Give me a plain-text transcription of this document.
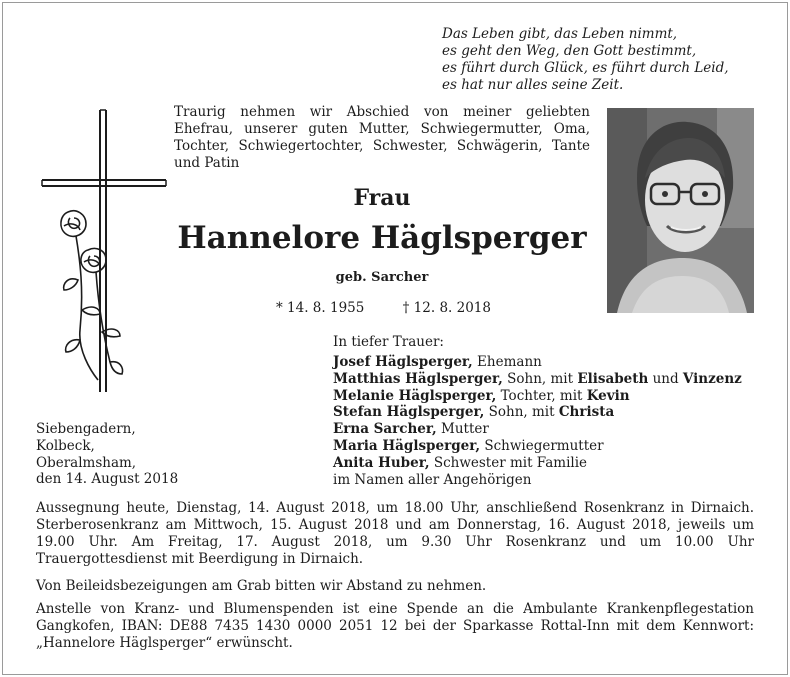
Das Leben gibt, das Leben nimmt,
es geht den Weg, den Gott bestimmt,
es führt durch Glück, es führt durch Leid,
es hat nur alles seine Zeit.
Traurig nehmen wir Abschied von meiner geliebten Ehefrau, unserer guten Mutter, Schwiegermutter, Oma, Tochter, Schwiegertochter, Schwester, Schwägerin, Tante und Patin
Frau
Hannelore Häglsperger
geb. Sarcher
* 14. 8. 1955	† 12. 8. 2018
In tiefer Trauer:
Josef Häglsperger, Ehemann
Matthias Häglsperger, Sohn, mit Elisabeth und Vinzenz
Melanie Häglsperger, Tochter, mit Kevin
Stefan Häglsperger, Sohn, mit Christa
Erna Sarcher, Mutter
Maria Häglsperger, Schwiegermutter
Anita Huber, Schwester mit Familie
im Namen aller Angehörigen
Siebengadern,
Kolbeck,
Oberalmsham,
den 14. August 2018
Aussegnung heute, Dienstag, 14. August 2018, um 18.00 Uhr, anschließend Rosenkranz in Dirnaich. Sterberosenkranz am Mittwoch, 15. August 2018 und am Donnerstag, 16. August 2018, jeweils um 19.00 Uhr. Am Freitag, 17. August 2018, um 9.30 Uhr Rosenkranz und um 10.00 Uhr Trauergottesdienst mit Beerdigung in Dirnaich.
Von Beileidsbezeigungen am Grab bitten wir Abstand zu nehmen.
Anstelle von Kranz- und Blumenspenden ist eine Spende an die Ambulante Krankenpflegestation Gangkofen, IBAN: DE88 7435 1430 0000 2051 12 bei der Sparkasse Rottal-Inn mit dem Kennwort: „Hannelore Häglsperger“ erwünscht.
